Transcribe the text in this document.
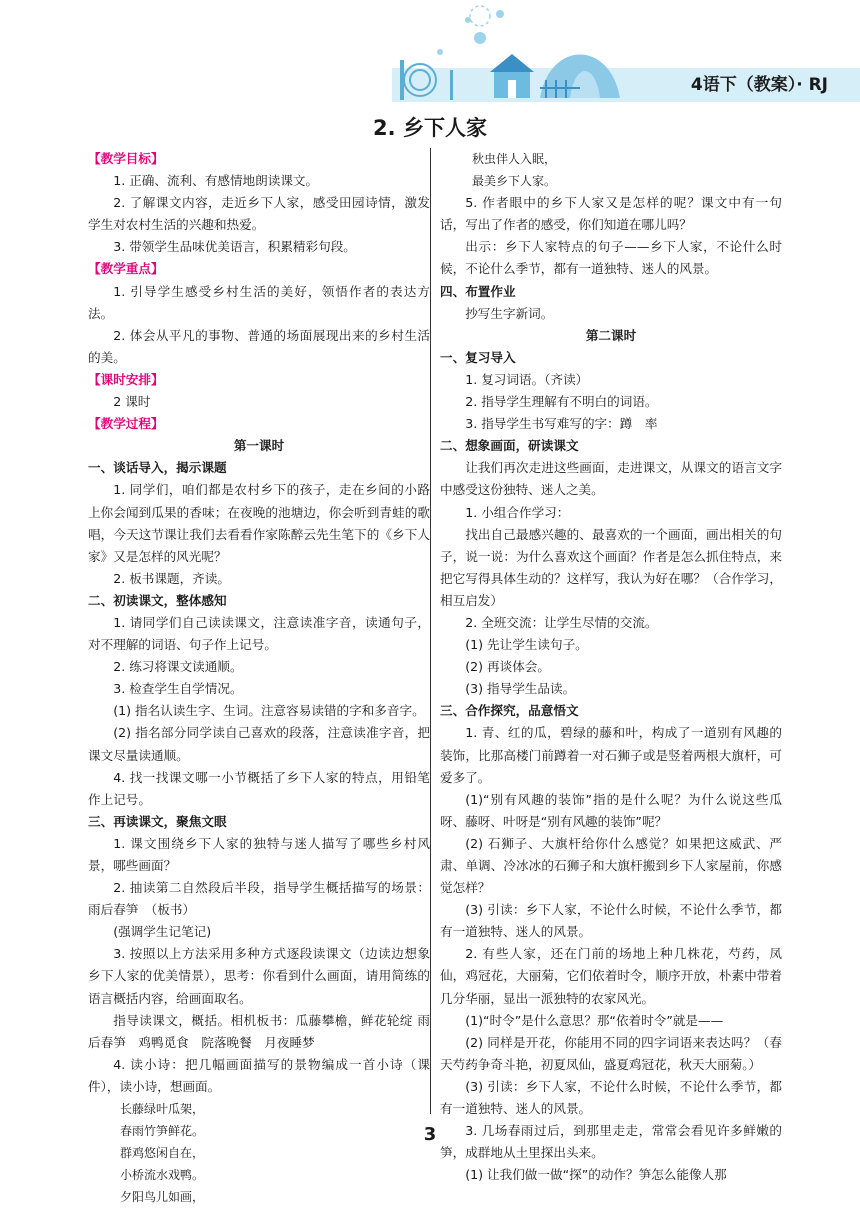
4语下（教案）· RJ
2. 乡下人家

【教学目标】

1. 正确、流利、有感情地朗读课文。

2. 了解课文内容，走近乡下人家，感受田园诗情，激发学生对农村生活的兴趣和热爱。

3. 带领学生品味优美语言，积累精彩句段。

【教学重点】

1. 引导学生感受乡村生活的美好，领悟作者的表达方法。

2. 体会从平凡的事物、普通的场面展现出来的乡村生活的美。

【课时安排】

2 课时

【教学过程】

第一课时

一、谈话导入，揭示课题

1. 同学们，咱们都是农村乡下的孩子，走在乡间的小路上你会闻到瓜果的香味；在夜晚的池塘边，你会听到青蛙的歌唱，今天这节课让我们去看看作家陈醉云先生笔下的《乡下人家》又是怎样的风光呢？

2. 板书课题，齐读。

二、初读课文，整体感知

1. 请同学们自己读读课文，注意读准字音，读通句子，对不理解的词语、句子作上记号。

2. 练习将课文读通顺。

3. 检查学生自学情况。

(1) 指名认读生字、生词。注意容易读错的字和多音字。

(2) 指名部分同学读自己喜欢的段落，注意读准字音，把课文尽量读通顺。

4. 找一找课文哪一小节概括了乡下人家的特点，用铅笔作上记号。

三、再读课文，聚焦文眼

1. 课文围绕乡下人家的独特与迷人描写了哪些乡村风景，哪些画面？

2. 抽读第二自然段后半段，指导学生概括描写的场景：雨后春笋　（板书）

(强调学生记笔记)

3. 按照以上方法采用多种方式逐段读课文（边读边想象乡下人家的优美情景），思考：你看到什么画面，请用简练的语言概括内容，给画面取名。

指导读课文，概括。相机板书：瓜藤攀檐，鲜花轮绽 雨后春笋　鸡鸭觅食　院落晚餐　月夜睡梦

4. 读小诗：把几幅画面描写的景物编成一首小诗（课件），读小诗，想画面。

长藤绿叶瓜架，

春雨竹笋鲜花。

群鸡悠闲自在，

小桥流水戏鸭。

夕阳鸟儿如画，

秋虫伴人入眠，

最美乡下人家。

5. 作者眼中的乡下人家又是怎样的呢？课文中有一句话，写出了作者的感受，你们知道在哪儿吗？

出示：乡下人家特点的句子——乡下人家，不论什么时候，不论什么季节，都有一道独特、迷人的风景。

四、布置作业

抄写生字新词。

第二课时

一、复习导入

1. 复习词语。（齐读）

2. 指导学生理解有不明白的词语。

3. 指导学生书写难写的字：蹲　率

二、想象画面，研读课文

让我们再次走进这些画面，走进课文，从课文的语言文字中感受这份独特、迷人之美。

1. 小组合作学习：

找出自己最感兴趣的、最喜欢的一个画面，画出相关的句子，说一说：为什么喜欢这个画面？作者是怎么抓住特点，来把它写得具体生动的？这样写，我认为好在哪？（合作学习，相互启发）

2. 全班交流：让学生尽情的交流。

(1) 先让学生读句子。

(2) 再谈体会。

(3) 指导学生品读。

三、合作探究，品意悟文

1. 青、红的瓜，碧绿的藤和叶，构成了一道别有风趣的装饰，比那高楼门前蹲着一对石狮子或是竖着两根大旗杆，可爱多了。

(1)“别有风趣的装饰”指的是什么呢？为什么说这些瓜呀、藤呀、叶呀是“别有风趣的装饰”呢？

(2) 石狮子、大旗杆给你什么感觉？如果把这威武、严肃、单调、冷冰冰的石狮子和大旗杆搬到乡下人家屋前，你感觉怎样？

(3) 引读：乡下人家，不论什么时候，不论什么季节，都有一道独特、迷人的风景。

2. 有些人家，还在门前的场地上种几株花，芍药，凤仙，鸡冠花，大丽菊，它们依着时令，顺序开放，朴素中带着几分华丽，显出一派独特的农家风光。

(1)“时令”是什么意思？那“依着时令”就是——

(2) 同样是开花，你能用不同的四字词语来表达吗？（春天芍药争奇斗艳，初夏凤仙，盛夏鸡冠花，秋天大丽菊。）

(3) 引读：乡下人家，不论什么时候，不论什么季节，都有一道独特、迷人的风景。

3. 几场春雨过后，到那里走走，常常会看见许多鲜嫩的笋，成群地从土里探出头来。

(1) 让我们做一做“探”的动作？笋怎么能像人那

3
